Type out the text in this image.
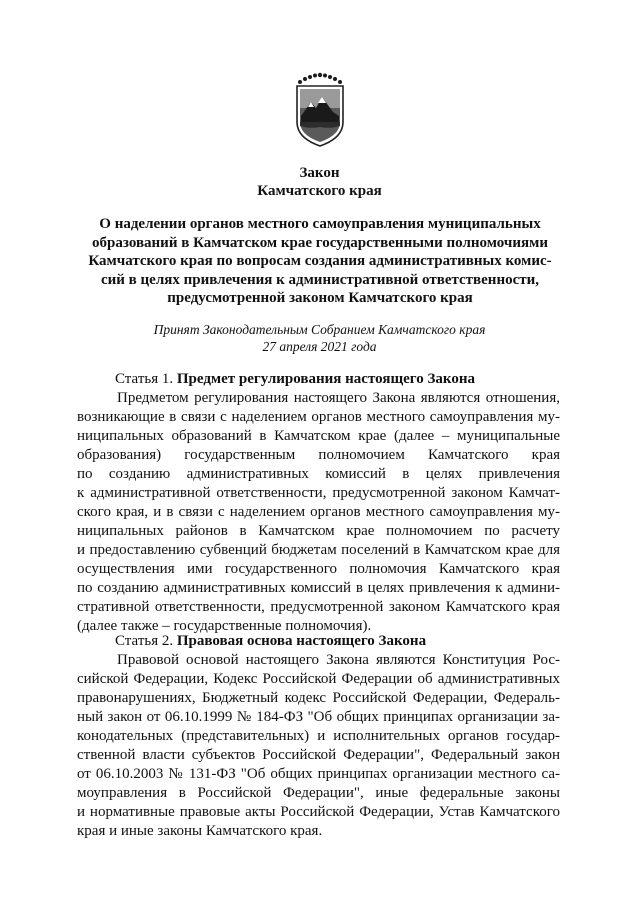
Закон
Камчатского края
О наделении органов местного самоуправления муниципальных
образований в Камчатском крае государственными полномочиями
Камчатского края по вопросам создания административных комис-
сий в целях привлечения к административной ответственности,
предусмотренной законом Камчатского края
Принят Законодательным Собранием Камчатского края
27 апреля 2021 года
Статья 1. Предмет регулирования настоящего Закона
Предметом регулирования настоящего Закона являются отношения,
возникающие в связи с наделением органов местного самоуправления му-
ниципальных образований в Камчатском крае (далее – муниципальные
образования) государственным полномочием Камчатского края
по созданию административных комиссий в целях привлечения
к административной ответственности, предусмотренной законом Камчат-
ского края, и в связи с наделением органов местного самоуправления му-
ниципальных районов в Камчатском крае полномочием по расчету
и предоставлению субвенций бюджетам поселений в Камчатском крае для
осуществления ими государственного полномочия Камчатского края
по созданию административных комиссий в целях привлечения к админи-
стративной ответственности, предусмотренной законом Камчатского края
(далее также – государственные полномочия).
Статья 2. Правовая основа настоящего Закона
Правовой основой настоящего Закона являются Конституция Рос-
сийской Федерации, Кодекс Российской Федерации об административных
правонарушениях, Бюджетный кодекс Российской Федерации, Федераль-
ный закон от 06.10.1999 № 184-ФЗ "Об общих принципах организации за-
конодательных (представительных) и исполнительных органов государ-
ственной власти субъектов Российской Федерации", Федеральный закон
от 06.10.2003 № 131-ФЗ "Об общих принципах организации местного са-
моуправления в Российской Федерации", иные федеральные законы
и нормативные правовые акты Российской Федерации, Устав Камчатского
края и иные законы Камчатского края.
